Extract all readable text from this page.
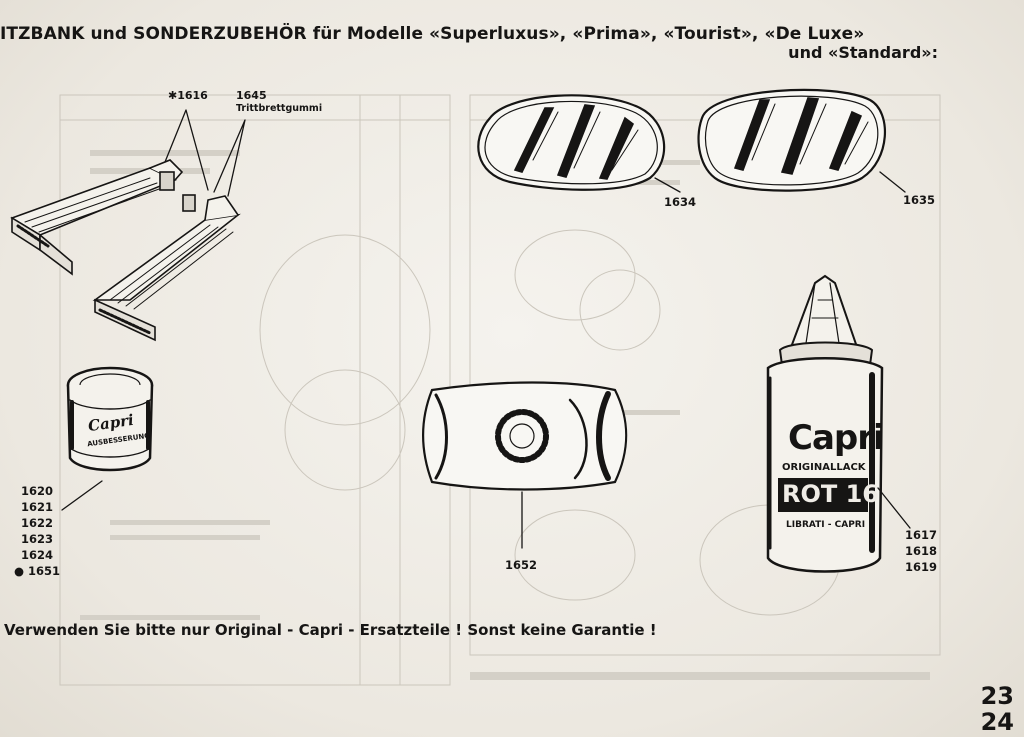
ITZBANK und SONDERZUBEHÖR für Modelle «Superluxus», «Prima», «Tourist», «De Luxe»
und «Standard»:
Capri
AUSBESSERUNG	Capri
ORIGINALLACK
ROT 16
LIBRATI - CAPRI
✱1616	1645
Trittbrettgummi
1634	1635
1652
1620
1621
1622
1623
1624
● 1651
1617
1618
1619
Verwenden Sie bitte nur Original - Capri - Ersatzteile ! Sonst keine Garantie !
23
24
